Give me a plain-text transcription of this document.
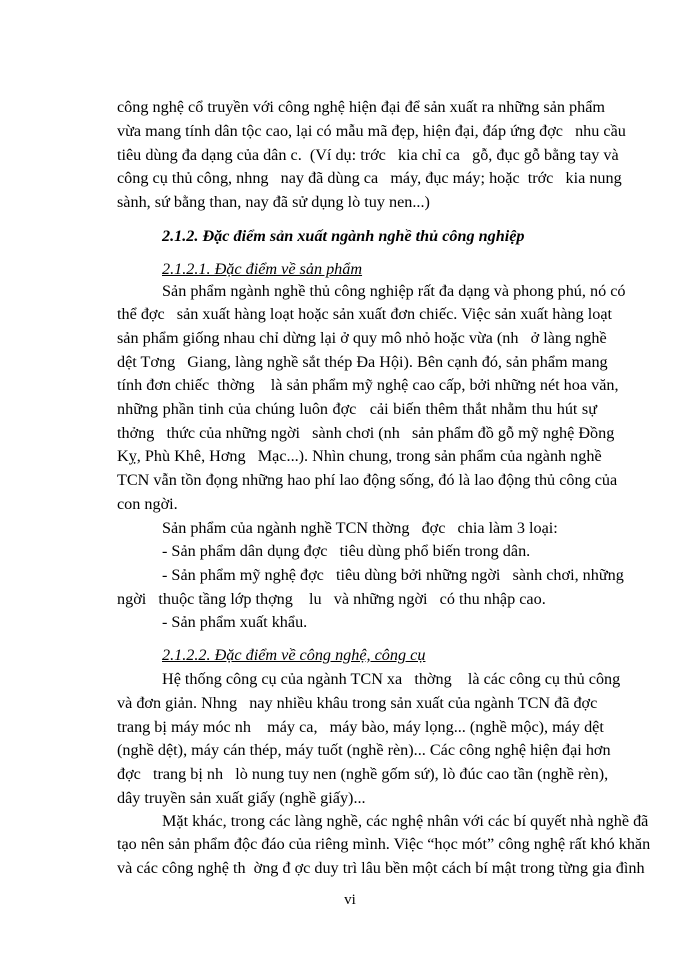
công nghệ cổ truyền với công nghệ hiện đại để sản xuất ra những sản phẩm
vừa mang tính dân tộc cao, lại có mẫu mã đẹp, hiện đại, đáp ứng đợc   nhu cầu
tiêu dùng đa dạng của dân c.  (Ví dụ: trớc   kia chỉ ca   gỗ, đục gỗ bằng tay và
công cụ thủ công, nhng   nay đã dùng ca   máy, đục máy; hoặc  trớc   kia nung
sành, sứ bằng than, nay đã sử dụng lò tuy nen...)
2.1.2. Đặc điểm sản xuất ngành nghề thủ công nghiệp
2.1.2.1. Đặc điểm về sản phẩm
Sản phẩm ngành nghề thủ công nghiệp rất đa dạng và phong phú, nó có
thể đợc   sản xuất hàng loạt hoặc sản xuất đơn chiếc. Việc sản xuất hàng loạt
sản phẩm giống nhau chỉ dừng lại ở quy mô nhỏ hoặc vừa (nh   ở làng nghề
dệt Tơng   Giang, làng nghề sắt thép Đa Hội). Bên cạnh đó, sản phẩm mang
tính đơn chiếc  thờng    là sản phẩm mỹ nghệ cao cấp, bởi những nét hoa văn,
những phần tinh của chúng luôn đợc   cải biến thêm thắt nhằm thu hút sự
thởng   thức của những ngời   sành chơi (nh   sản phẩm đồ gỗ mỹ nghệ Đồng
Kỵ, Phù Khê, Hơng   Mạc...). Nhìn chung, trong sản phẩm của ngành nghề
TCN vẫn tồn đọng những hao phí lao động sống, đó là lao động thủ công của
con ngời.
Sản phẩm của ngành nghề TCN thờng   đợc   chia làm 3 loại:
- Sản phẩm dân dụng đợc   tiêu dùng phổ biến trong dân.
- Sản phẩm mỹ nghệ đợc   tiêu dùng bởi những ngời   sành chơi, những
ngời   thuộc tầng lớp thợng    lu   và những ngời   có thu nhập cao.
- Sản phẩm xuất khẩu.
2.1.2.2. Đặc điểm về công nghệ, công cụ
Hệ thống công cụ của ngành TCN xa   thờng    là các công cụ thủ công
và đơn giản. Nhng   nay nhiều khâu trong sản xuất của ngành TCN đã đợc
trang bị máy móc nh    máy ca,   máy bào, máy lọng... (nghề mộc), máy dệt
(nghề dệt), máy cán thép, máy tuốt (nghề rèn)... Các công nghệ hiện đại hơn
đợc   trang bị nh   lò nung tuy nen (nghề gốm sứ), lò đúc cao tần (nghề rèn),
dây truyền sản xuất giấy (nghề giấy)...
Mặt khác, trong các làng nghề, các nghệ nhân với các bí quyết nhà nghề đã
tạo nên sản phẩm độc đáo của riêng mình. Việc “học mót” công nghệ rất khó khăn
và các công nghệ th  ờng đ ợc duy trì lâu bền một cách bí mật trong từng gia đình
vi
